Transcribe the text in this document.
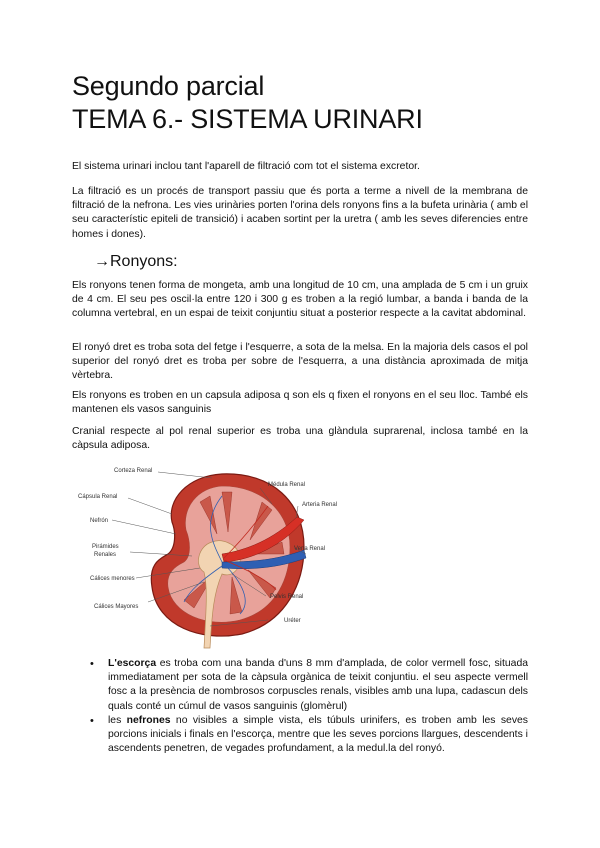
Segundo parcial
TEMA 6.- SISTEMA URINARI

El sistema urinari inclou tant l'aparell de filtració com tot el sistema excretor.

La filtració es un procés de transport passiu que és porta a terme a nivell de la membrana de filtració de la nefrona. Les vies urinàries porten l'orina dels ronyons fins a la bufeta urinària ( amb el seu característic epiteli de transició) i acaben sortint per la uretra ( amb les seves diferencies entre homes i dones).

→Ronyons:

Els ronyons tenen forma de mongeta, amb una longitud de 10 cm, una amplada de 5 cm i un gruix de 4 cm. El seu pes oscil·la entre 120 i 300 g es troben a la regió lumbar, a banda i banda de la columna vertebral, en un espai de teixit conjuntiu situat a posterior respecte a la cavitat abdominal.

El ronyó dret es troba sota del fetge i l'esquerre, a sota de la melsa. En la majoria dels casos el pol superior del ronyó dret es troba per sobre de l'esquerra, a una distància aproximada de mitja vèrtebra.

Els ronyons es troben en un capsula adiposa q son els q fixen el ronyons en el seu lloc. També els mantenen els vasos sanguinis

Cranial respecte al pol renal superior es troba una glàndula suprarenal, inclosa també en la càpsula adiposa.

Corteza Renal
Cápsula Renal
Nefrón
Pirámides
Renales
Cálices menores
Cálices Mayores
Médula Renal
Arteria Renal
Vena Renal
Pelvis Renal
Uréter
• L'escorça es troba com una banda d'uns 8 mm d'amplada, de color vermell fosc, situada immediatament per sota de la càpsula orgànica de teixit conjuntiu. el seu aspecte vermell fosc a la presència de nombrosos corpuscles renals, visibles amb una lupa, cadascun dels quals conté un cúmul de vasos sanguinis (glomèrul)
• les nefrones no visibles a simple vista, els túbuls urinifers, es troben amb les seves porcions inicials i finals en l'escorça, mentre que les seves porcions llargues, descendents i ascendents penetren, de vegades profundament, a la medul.la del ronyó.
